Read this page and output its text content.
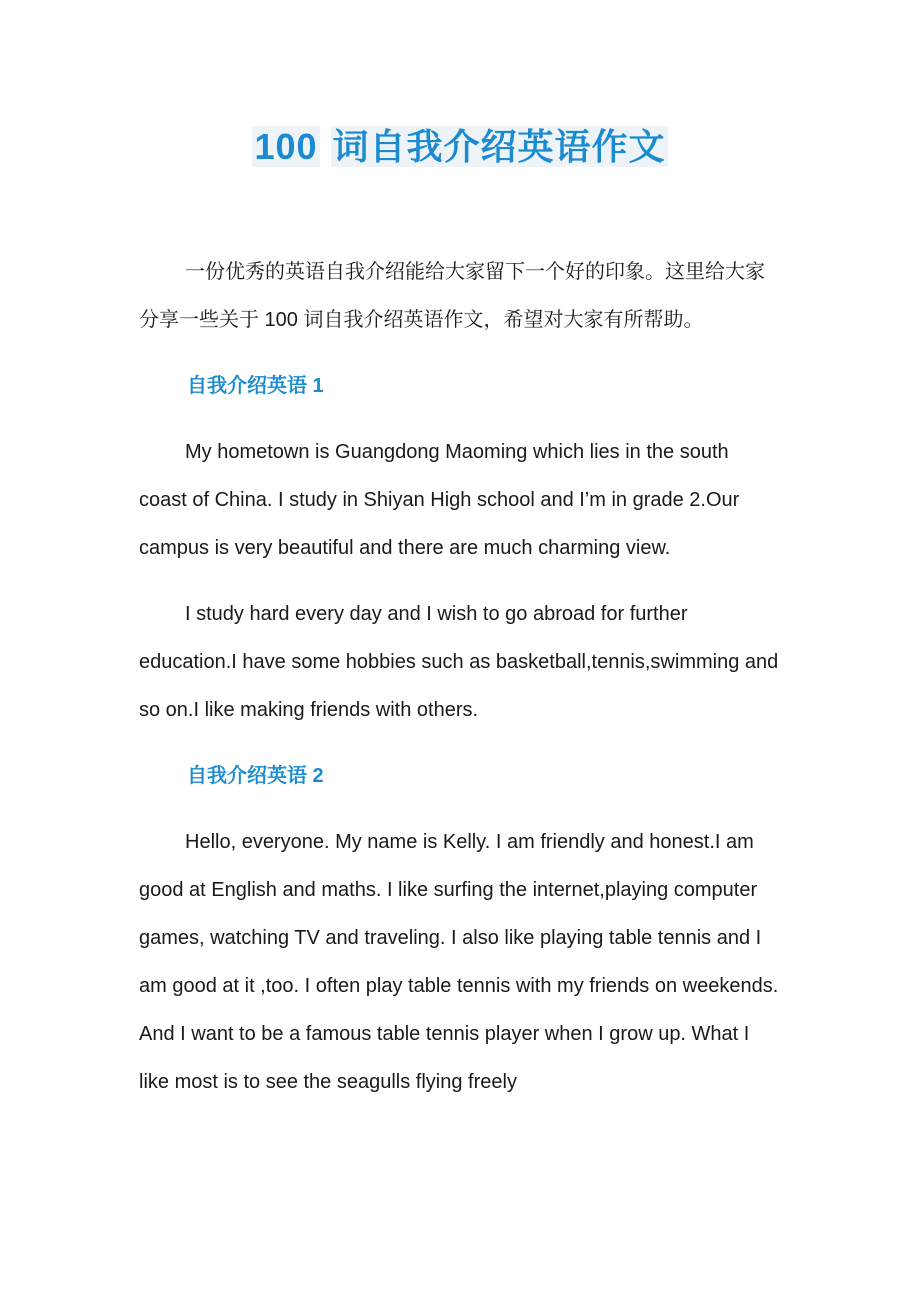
100 词自我介绍英语作文

一份优秀的英语自我介绍能给大家留下一个好的印象。这里给大家分享一些关于 100 词自我介绍英语作文，希望对大家有所帮助。

自我介绍英语 1

My hometown is Guangdong Maoming which lies in the south coast of China. I study in Shiyan High school and I’m in grade 2.Our campus is very beautiful and there are much charming view.

I study hard every day and I wish to go abroad for further education.I have some hobbies such as basketball,tennis,swimming and so on.I like making friends with others.

自我介绍英语 2

Hello, everyone. My name is Kelly. I am friendly and honest.I am good at English and maths. I like surfing the internet,playing computer games, watching TV and traveling. I also like playing table tennis and I am good at it ,too. I often play table tennis with my friends on weekends. And I want to be a famous table tennis player when I grow up. What I like most is to see the seagulls flying freely
